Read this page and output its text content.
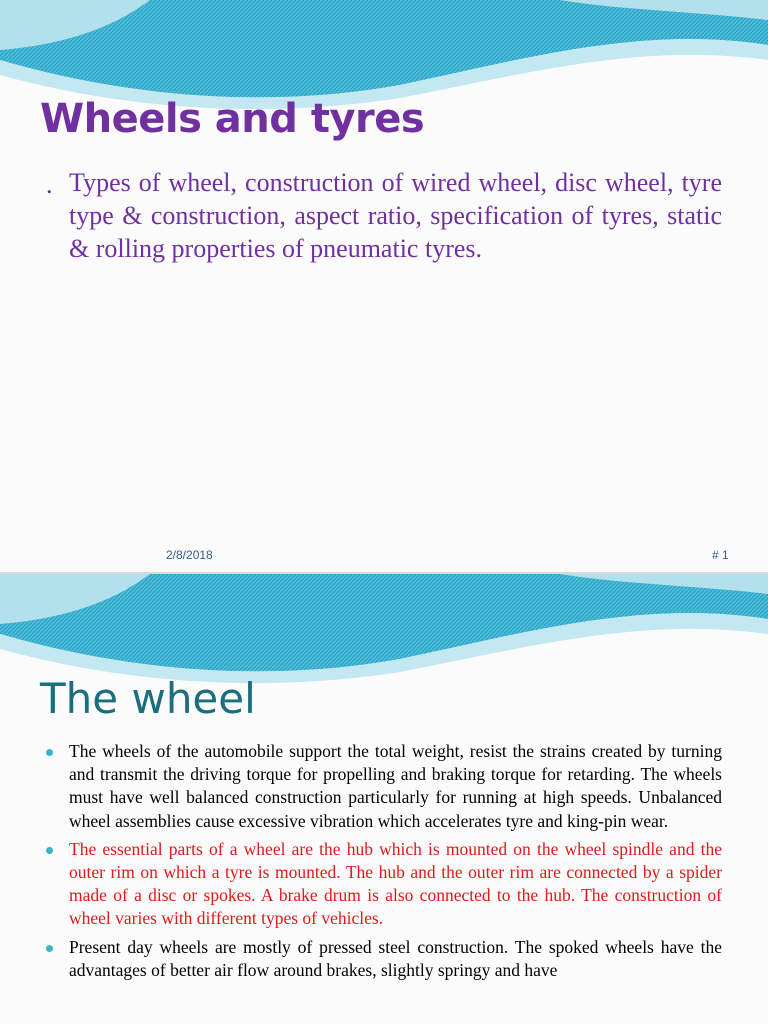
Wheels and tyres
. Types of wheel, construction of wired wheel, disc wheel, tyre type & construction, aspect ratio, specification of tyres, static & rolling properties of pneumatic tyres.

2/8/2018	# 1
The wheel
The wheels of the automobile support the total weight, resist the strains created by turning and transmit the driving torque for propelling and braking torque for retarding. The wheels must have well balanced construction particularly for running at high speeds. Unbalanced wheel assemblies cause excessive vibration which accelerates tyre and king-pin wear.
The essential parts of a wheel are the hub which is mounted on the wheel spindle and the outer rim on which a tyre is mounted. The hub and the outer rim are connected by a spider made of a disc or spokes. A brake drum is also connected to the hub. The construction of wheel varies with different types of vehicles.
Present day wheels are mostly of pressed steel construction. The spoked wheels have the advantages of better air flow around brakes, slightly springy and have
